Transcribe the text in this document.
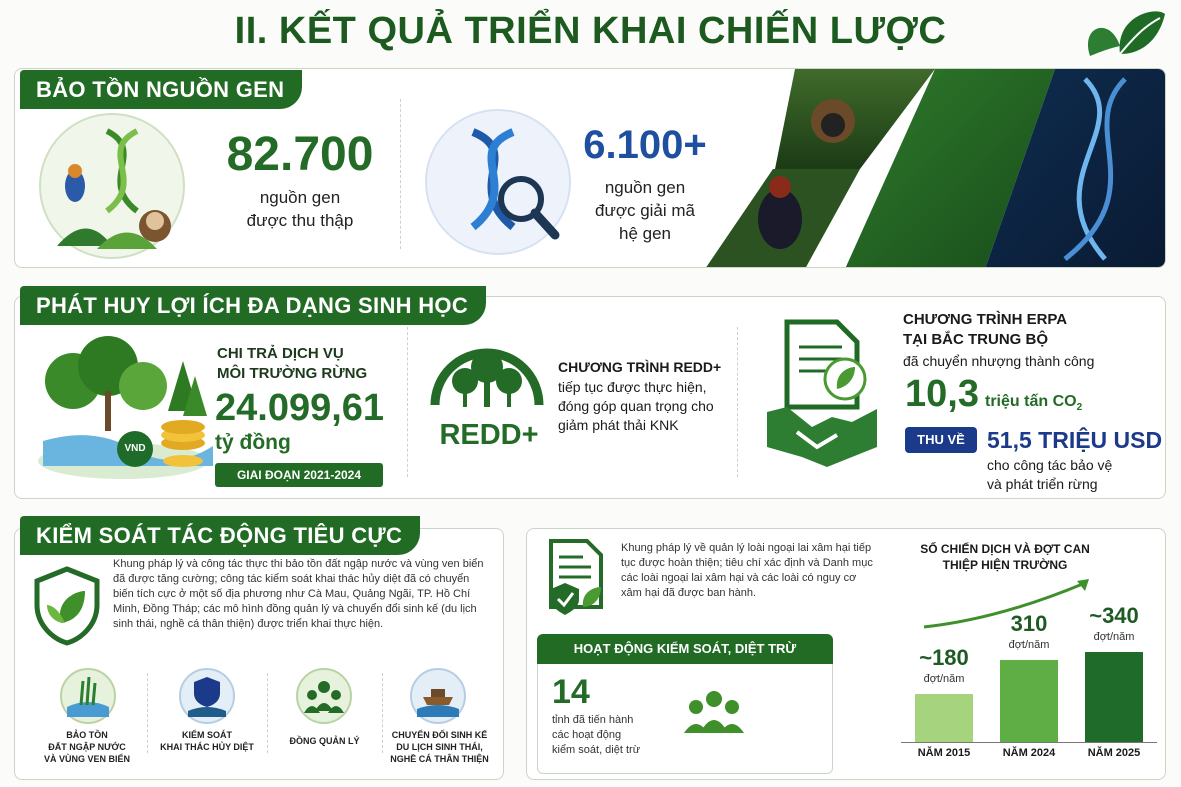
II. KẾT QUẢ TRIỂN KHAI CHIẾN LƯỢC
82.700
nguồn gen
được thu thập
6.100+
nguồn gen
được giải mã
hệ gen
BẢO TỒN NGUỒN GEN
VND
CHI TRẢ DỊCH VỤ
MÔI TRƯỜNG RỪNG
24.099,61
tỷ đồng
GIAI ĐOẠN 2021-2024
REDD+
CHƯƠNG TRÌNH REDD+
tiếp tục được thực hiện,
đóng góp quan trọng cho
giảm phát thải KNK
CHƯƠNG TRÌNH ERPA
TẠI BẮC TRUNG BỘ
đã chuyển nhượng thành công
10,3 triệu tấn $CO_2$
THU VỀ 51,5 TRIỆU USD
cho công tác bảo vệ
và phát triển rừng
PHÁT HUY LỢI ÍCH ĐA DẠNG SINH HỌC
Khung pháp lý và công tác thực thi bảo tồn đất ngập nước và vùng ven biển đã được tăng cường; công tác kiểm soát khai thác hủy diệt đã có chuyển biến tích cực ở một số địa phương như Cà Mau, Quảng Ngãi, TP. Hồ Chí Minh, Đồng Tháp; các mô hình đồng quản lý và chuyển đổi sinh kế (du lịch sinh thái, nghề cá thân thiện) được triển khai thực hiện.
BẢO TỒN
ĐẤT NGẬP NƯỚC
VÀ VÙNG VEN BIỂN
KIỂM SOÁT
KHAI THÁC HỦY DIỆT
ĐỒNG QUẢN LÝ
CHUYỂN ĐỔI SINH KẾ
DU LỊCH SINH THÁI,
NGHỀ CÁ THÂN THIỆN
KIỂM SOÁT TÁC ĐỘNG TIÊU CỰC	Khung pháp lý về quản lý loài ngoại lai xâm hại tiếp tục được hoàn thiện; tiêu chí xác định và Danh mục các loài ngoại lai xâm hại và các loài có nguy cơ xâm hại đã được ban hành.
HOẠT ĐỘNG KIỂM SOÁT, DIỆT TRỪ
14
tỉnh đã tiến hành
các hoạt động
kiểm soát, diệt trừ
SỐ CHIẾN DỊCH VÀ ĐỢT CAN THIỆP HIỆN TRƯỜNG
~180
đợt/năm
310
đợt/năm
~340
đợt/năm
NĂM 2015	NĂM 2024	NĂM 2025
